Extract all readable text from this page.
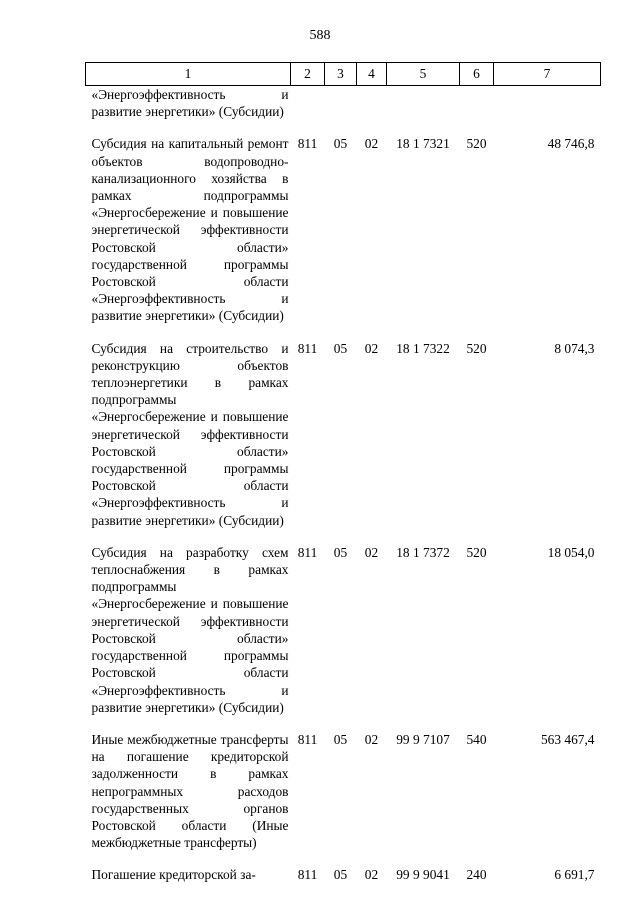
588
1	2	3	4	5	6	7
«Энергоэффективность и развитие энергетики» (Субсидии)						
Субсидия на капитальный ремонт объектов водопроводно-канализационного хозяйства в рамках подпрограммы «Энергосбережение и повышение энергетической эффективности Ростовской области» государственной программы Ростовской области «Энергоэффективность и развитие энергетики» (Субсидии)	811	05	02	18 1 7321	520	48 746,8
Субсидия на строительство и реконструкцию объектов теплоэнергетики в рамках подпрограммы «Энергосбережение и повышение энергетической эффективности Ростовской области» государственной программы Ростовской области «Энергоэффективность и развитие энергетики» (Субсидии)	811	05	02	18 1 7322	520	8 074,3
Субсидия на разработку схем теплоснабжения в рамках подпрограммы «Энергосбережение и повышение энергетической эффективности Ростовской области» государственной программы Ростовской области «Энергоэффективность и развитие энергетики» (Субсидии)	811	05	02	18 1 7372	520	18 054,0
Иные межбюджетные трансферты на погашение кредиторской задолженности в рамках непрограммных расходов государственных органов Ростовской области (Иные межбюджетные трансферты)	811	05	02	99 9 7107	540	563 467,4
Погашение кредиторской за-	811	05	02	99 9 9041	240	6 691,7
